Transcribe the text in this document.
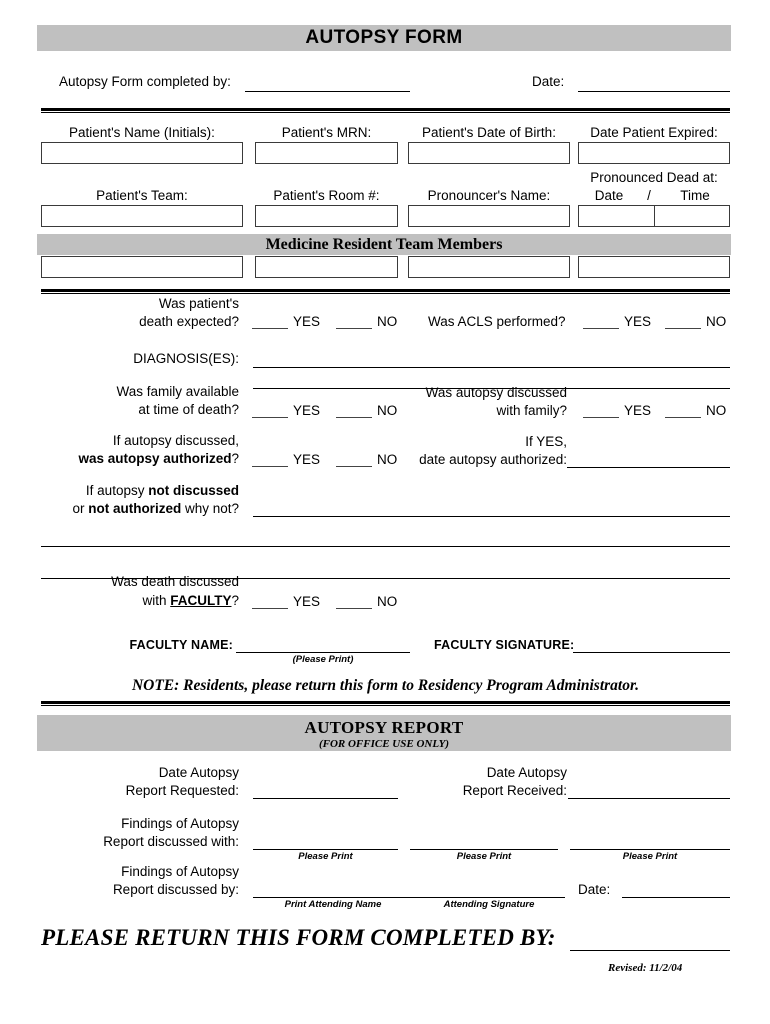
AUTOPSY FORM
Autopsy Form completed by:	Date:
Patient's Name (Initials):	Patient's MRN:	Patient's Date of Birth:	Date Patient Expired:
Patient's Team:	Patient's Room #:	Pronouncer's Name:
Pronounced Dead at:
Date	/	Time
Medicine Resident Team Members
Was patient's
death expected?	YES	NO Was ACLS performed?	YES	NO
DIAGNOSIS(ES):
Was family available
at time of death?	YES	NO
Was autopsy discussed
with family?	YES	NO
If autopsy discussed,
was autopsy authorized?	YES	NO
If YES,
date autopsy authorized:
If autopsy not discussed
or not authorized why not?
Was death discussed
with FACULTY?	YES	NO
FACULTY NAME:
(Please Print)
FACULTY SIGNATURE:
NOTE: Residents, please return this form to Residency Program Administrator.
AUTOPSY REPORT
(FOR OFFICE USE ONLY)
Date Autopsy
Report Requested:
Date Autopsy
Report Received:
Findings of Autopsy
Report discussed with:
Please Print	Please Print	Please Print
Findings of Autopsy
Report discussed by:
Print Attending Name	Attending Signature
Date:
PLEASE RETURN THIS FORM COMPLETED BY:
Revised: 11/2/04
